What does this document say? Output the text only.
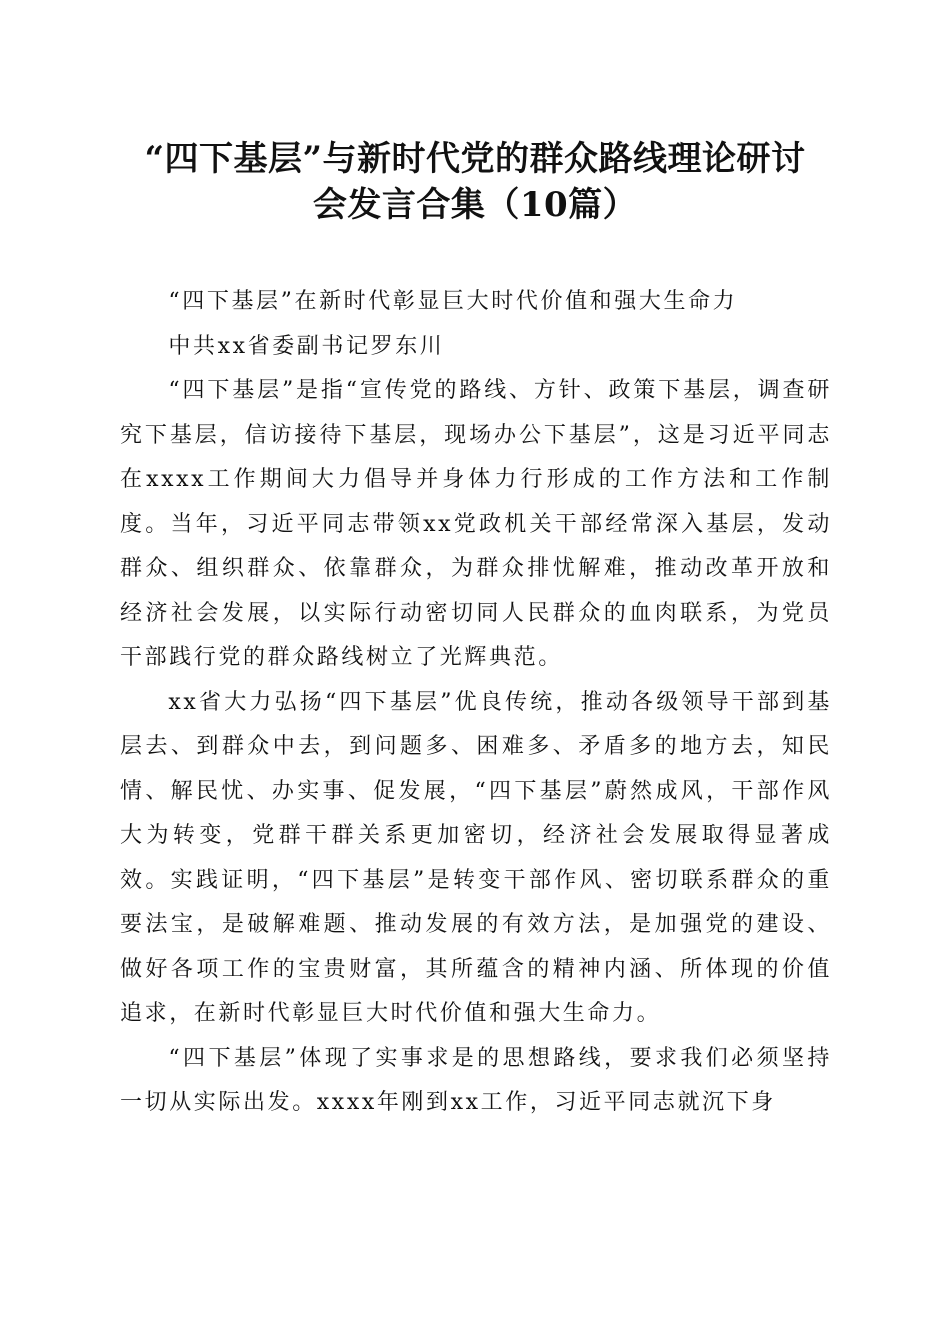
“四下基层”与新时代党的群众路线理论研讨
会发言合集（10篇）

“四下基层”在新时代彰显巨大时代价值和强大生命力

中共xx省委副书记罗东川

“四下基层”是指“宣传党的路线、方针、政策下基层，调查研究下基层，信访接待下基层，现场办公下基层”，这是习近平同志在xxxx工作期间大力倡导并身体力行形成的工作方法和工作制度。当年，习近平同志带领xx党政机关干部经常深入基层，发动群众、组织群众、依靠群众，为群众排忧解难，推动改革开放和经济社会发展，以实际行动密切同人民群众的血肉联系，为党员干部践行党的群众路线树立了光辉典范。

xx省大力弘扬“四下基层”优良传统，推动各级领导干部到基层去、到群众中去，到问题多、困难多、矛盾多的地方去，知民情、解民忧、办实事、促发展，“四下基层”蔚然成风，干部作风大为转变，党群干群关系更加密切，经济社会发展取得显著成效。实践证明，“四下基层”是转变干部作风、密切联系群众的重要法宝，是破解难题、推动发展的有效方法，是加强党的建设、做好各项工作的宝贵财富，其所蕴含的精神内涵、所体现的价值追求，在新时代彰显巨大时代价值和强大生命力。

“四下基层”体现了实事求是的思想路线，要求我们必须坚持一切从实际出发。xxxx年刚到xx工作，习近平同志就沉下身
